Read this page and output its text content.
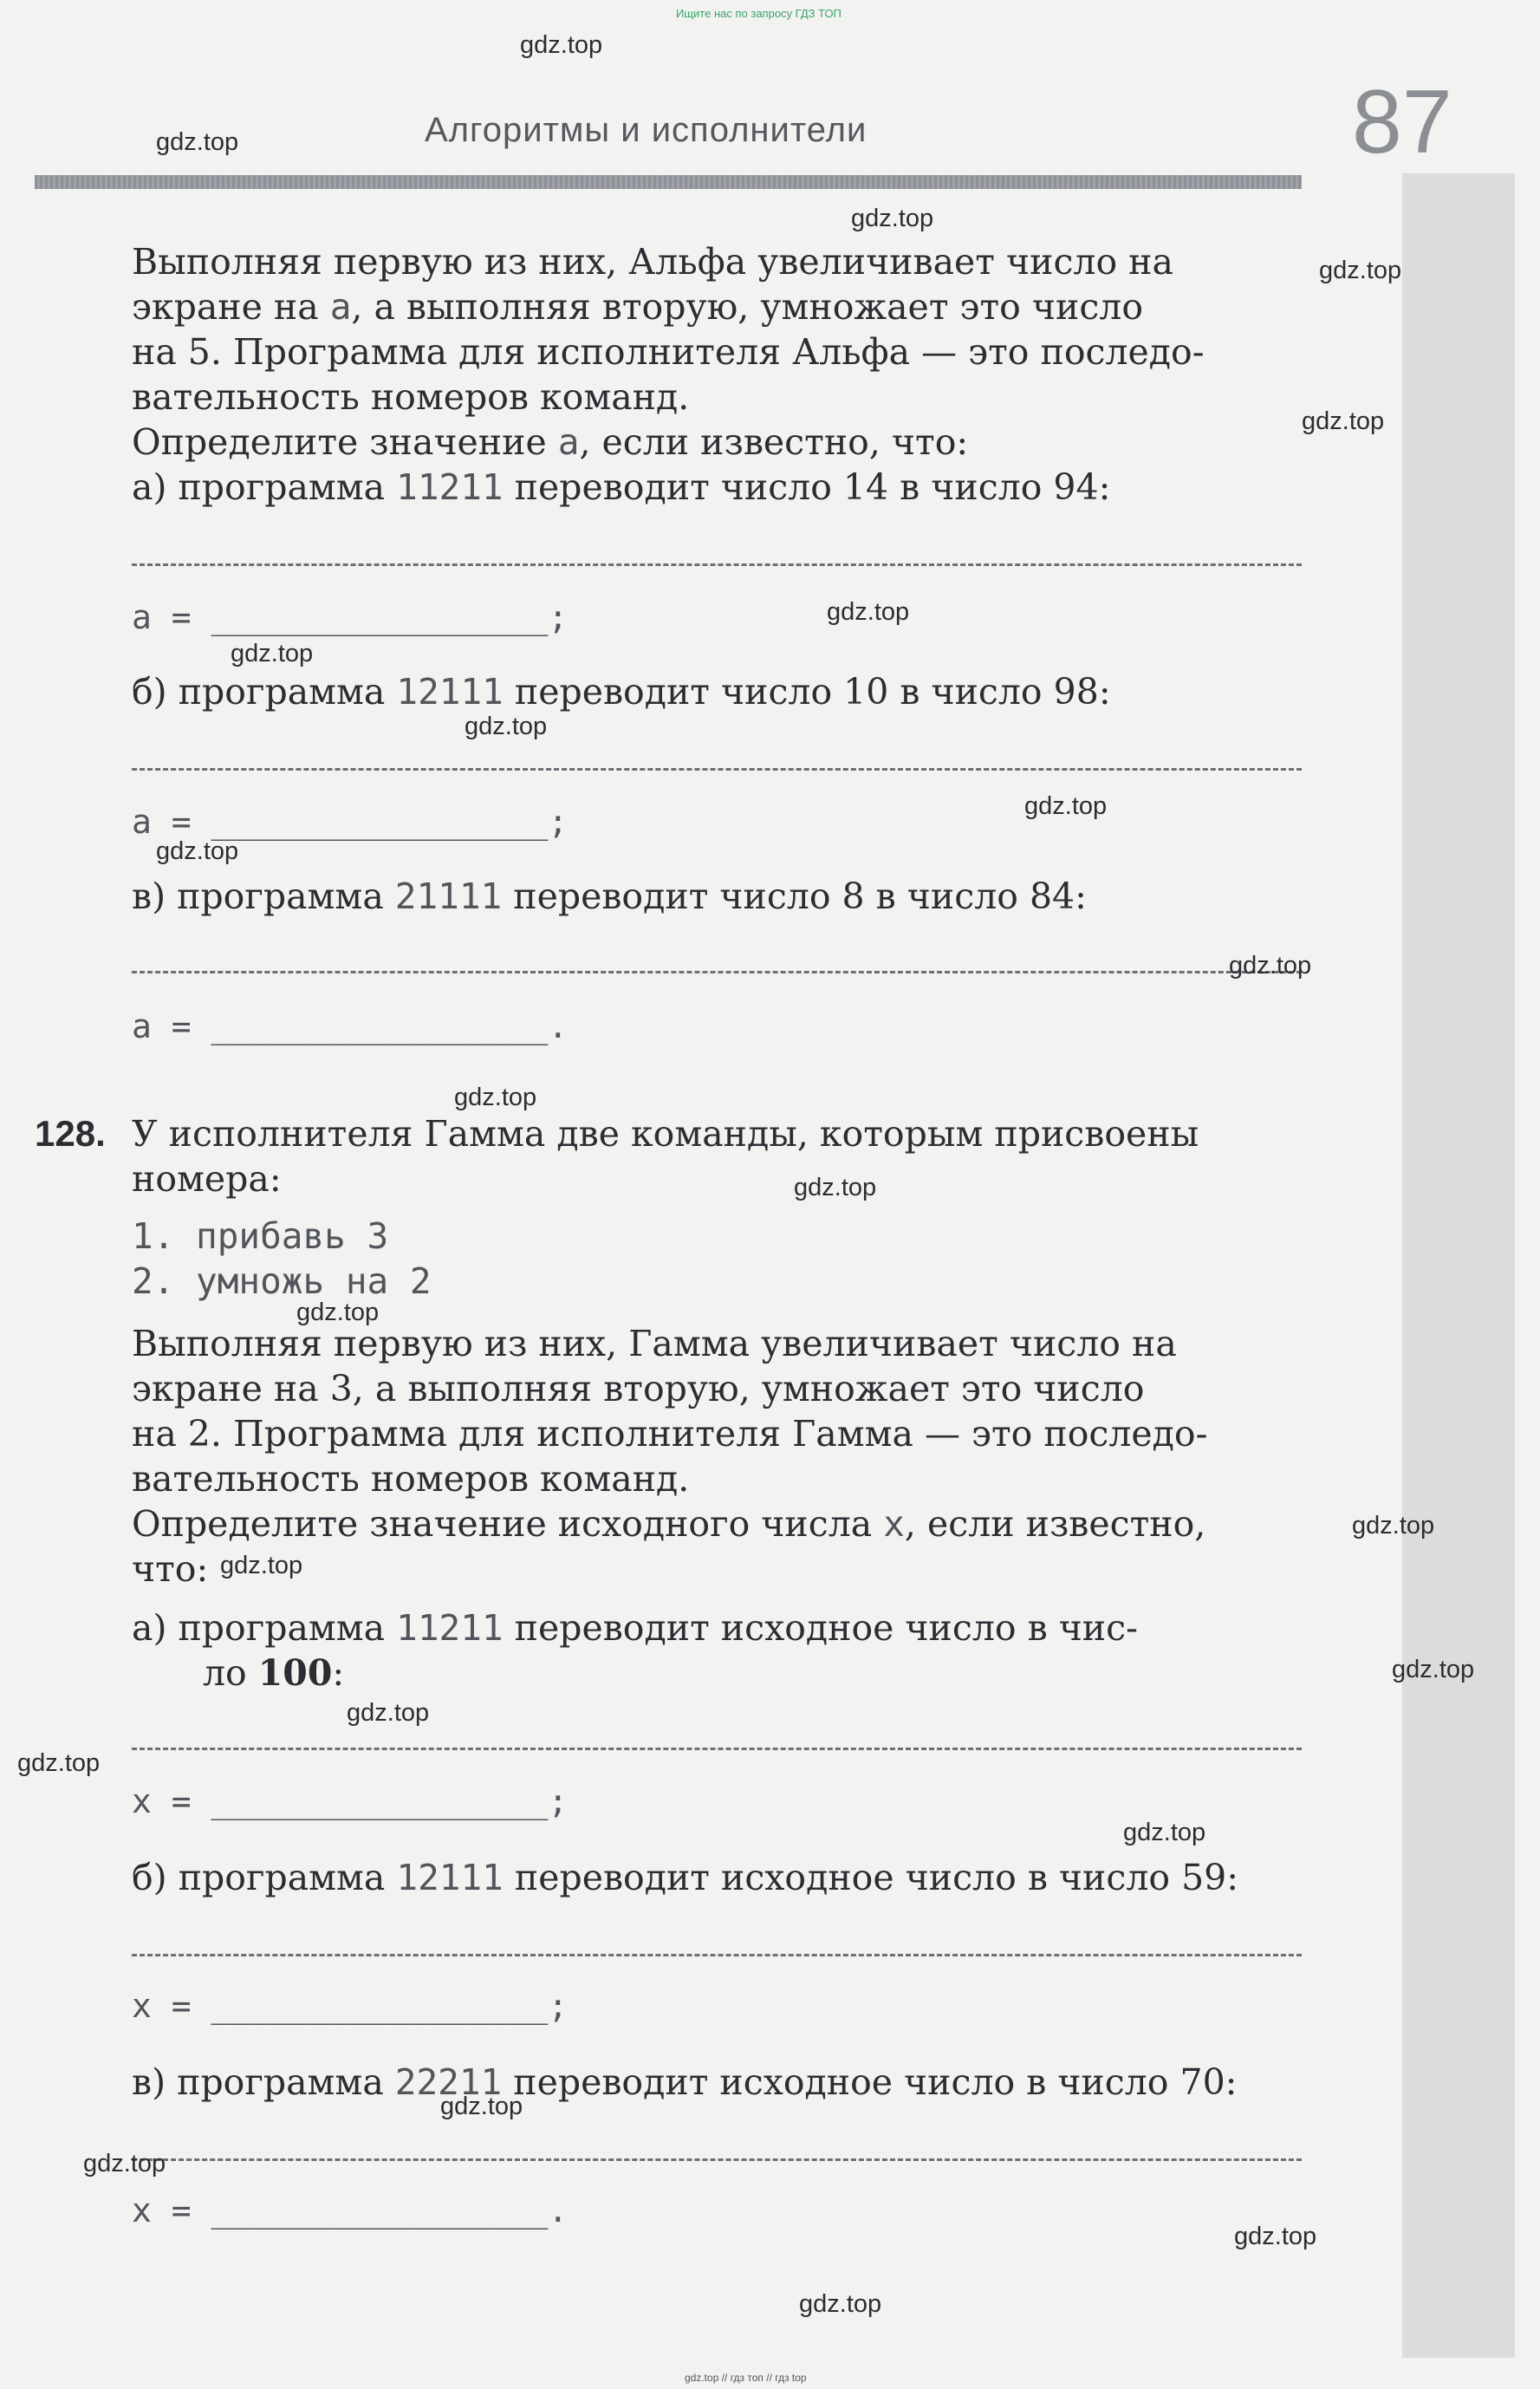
Ищите нас по запросу ГДЗ ТОП
Алгоритмы и исполнители	87
Выполняя первую из них, Альфа увеличивает число на
экране на a, а выполняя вторую, умножает это число
на 5. Программа для исполнителя Альфа — это последо-
вательность номеров команд.
Определите значение a, если известно, что:
а) программа 11211 переводит число 14 в число 94:
a = _________________;
б) программа 12111 переводит число 10 в число 98:
a = _________________;
в) программа 21111 переводит число 8 в число 84:
a = _________________.
128. У исполнителя Гамма две команды, которым присвоены
номера:
1. прибавь 3
2. умножь на 2
Выполняя первую из них, Гамма увеличивает число на
экране на 3, а выполняя вторую, умножает это число
на 2. Программа для исполнителя Гамма — это последо-
вательность номеров команд.
Определите значение исходного числа x, если известно,
что:
а) программа 11211 переводит исходное число в чис-
ло 100:
x = _________________;
б) программа 12111 переводит исходное число в число 59:
x = _________________;
в) программа 22211 переводит исходное число в число 70:
x = _________________.
gdz.top
gdz.top
gdz.top
gdz.top
gdz.top
gdz.top
gdz.top
gdz.top
gdz.top
gdz.top
gdz.top
gdz.top
gdz.top
gdz.top
gdz.top
gdz.top
gdz.top
gdz.top
gdz.top
gdz.top
gdz.top
gdz.top
gdz.top
gdz.top
gdz.top // гдз топ // гдз top
